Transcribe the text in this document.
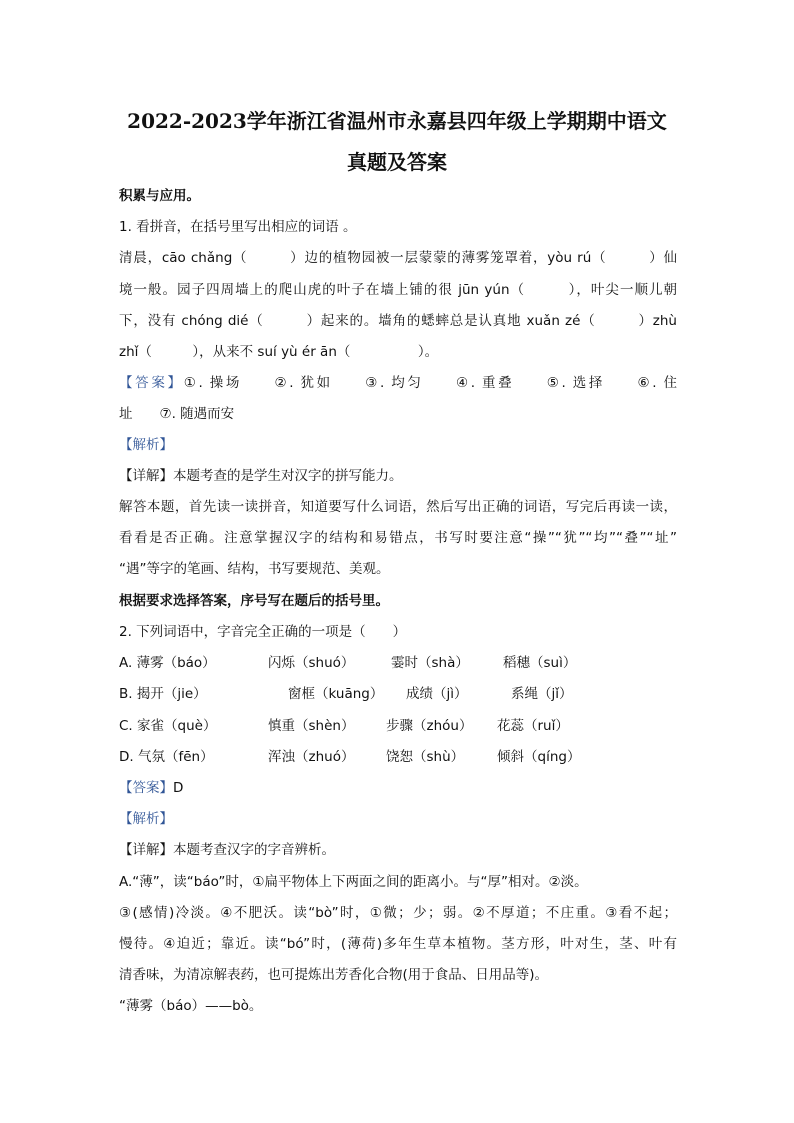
2022-2023学年浙江省温州市永嘉县四年级上学期期中语文
真题及答案
积累与应用。
1. 看拼音，在括号里写出相应的词语 。
清晨，cāo chǎng（　　　）边的植物园被一层蒙蒙的薄雾笼罩着，yòu rú（　　　）仙
境一般。园子四周墙上的爬山虎的叶子在墙上铺的很 jūn yún（　　　），叶尖一顺儿朝
下，没有 chóng dié（　　　）起来的。墙角的蟋蟀总是认真地 xuǎn zé（　　　）zhù
zhǐ（　　　），从来不 suí yù ér ān（　　　　　）。
【答案】①. 操场　　②. 犹如　　③. 均匀　　④. 重叠　　⑤. 选择　　⑥. 住
址　　⑦. 随遇而安
【解析】
【详解】本题考查的是学生对汉字的拼写能力。
解答本题，首先读一读拼音，知道要写什么词语，然后写出正确的词语，写完后再读一读，
看看是否正确。注意掌握汉字的结构和易错点，书写时要注意“操”“犹”“均”“叠”“址”
“遇”等字的笔画、结构，书写要规范、美观。
根据要求选择答案，序号写在题后的括号里。
2. 下列词语中，字音完全正确的一项是（　　）
A. 薄雾（báo）	闪烁（shuó）	霎时（shà）	稻穗（suì）
B. 揭开（jie）	窗框（kuāng） 成绩（jì）	系绳（jǐ）
C. 家雀（què）	慎重（shèn） 步骤（zhóu） 花蕊（ruǐ）
D. 气氛（fēn）	浑浊（zhuó） 饶恕（shù） 倾斜（qíng）
【答案】D
【解析】
【详解】本题考查汉字的字音辨析。
A.“薄”，读“báo”时，①扁平物体上下两面之间的距离小。与“厚”相对。②淡。
③(感情)冷淡。④不肥沃。读“bò”时，①微；少；弱。②不厚道；不庄重。③看不起；
慢待。④迫近；靠近。读“bó”时，(薄荷)多年生草本植物。茎方形，叶对生，茎、叶有
清香味，为清凉解表药，也可提炼出芳香化合物(用于食品、日用品等)。
“薄雾（báo）——bò。
